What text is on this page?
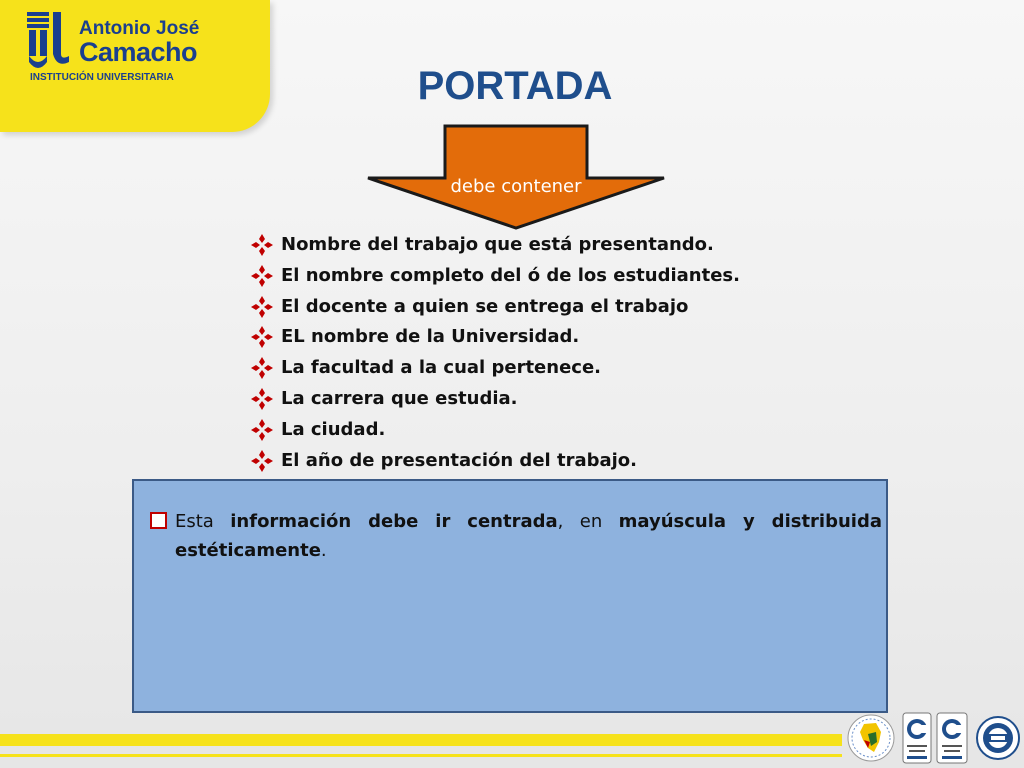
Antonio José
Camacho
INSTITUCIÓN UNIVERSITARIA	PORTADA
debe contener
Nombre del trabajo que está presentando.
El nombre completo del ó de los estudiantes.
El docente a quien se entrega el trabajo
EL nombre de la Universidad.
La facultad a la cual pertenece.
La carrera que estudia.
La ciudad.
El año de presentación del trabajo.
Esta información debe ir centrada, en mayúscula y distribuida estéticamente.
